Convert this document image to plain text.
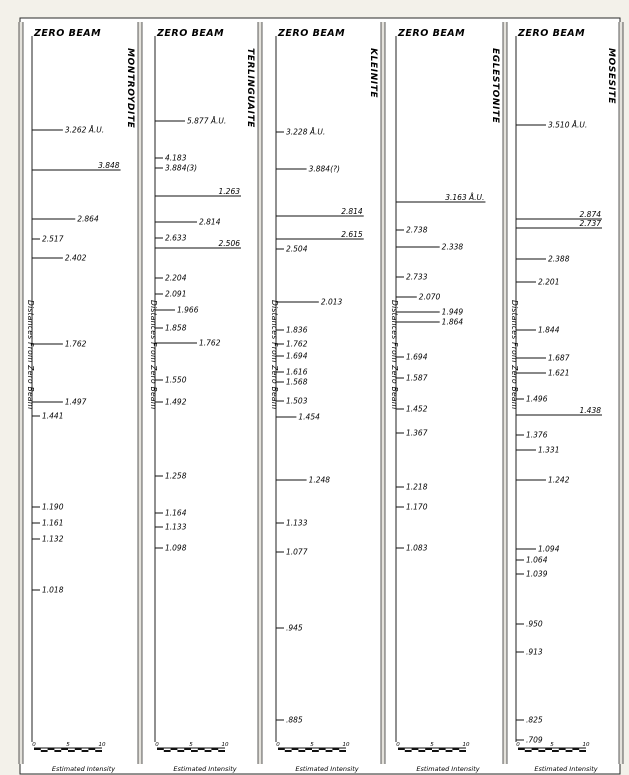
ZERO BEAM
MONTROYDITE
Distances From Zero Beam
3.262 Å.U.
3.848
2.864
2.517
2.402
1.762
1.497
1.441
1.190
1.161
1.132
1.018
0	5	10
Estimated Intensity
ZERO BEAM
TERLINGUAITE
Distances From Zero Beam
5.877 Å.U.
4.183
3.884(3)
1.263
2.814
2.633
2.506
2.204
2.091
1.966
1.858
1.762
1.550
1.492
1.258
1.164
1.133
1.098
0	5	10
Estimated Intensity
ZERO BEAM
KLEINITE
Distances From Zero Beam
3.228 Å.U.
3.884(?)
2.814
2.615
2.504
2.013
1.836
1.762
1.694
1.616
1.568
1.503
1.454
1.248
1.133
1.077
.945
.885
0	5	10
Estimated Intensity
ZERO BEAM
EGLESTONITE
Distances From Zero Beam
3.163 Å.U.
2.738
2.338
2.733
2.070
1.949
1.864
1.694
1.587
1.452
1.367
1.218
1.170
1.083
0	5	10
Estimated Intensity
ZERO BEAM
MOSESITE
Distances From Zero Beam
3.510 Å.U.
2.874
2.737
2.388
2.201
1.844
1.687
1.621
1.496
1.438
1.376
1.331
1.242
1.094
1.064
1.039
.950
.913
.825
.709
0	5	10
Estimated Intensity
